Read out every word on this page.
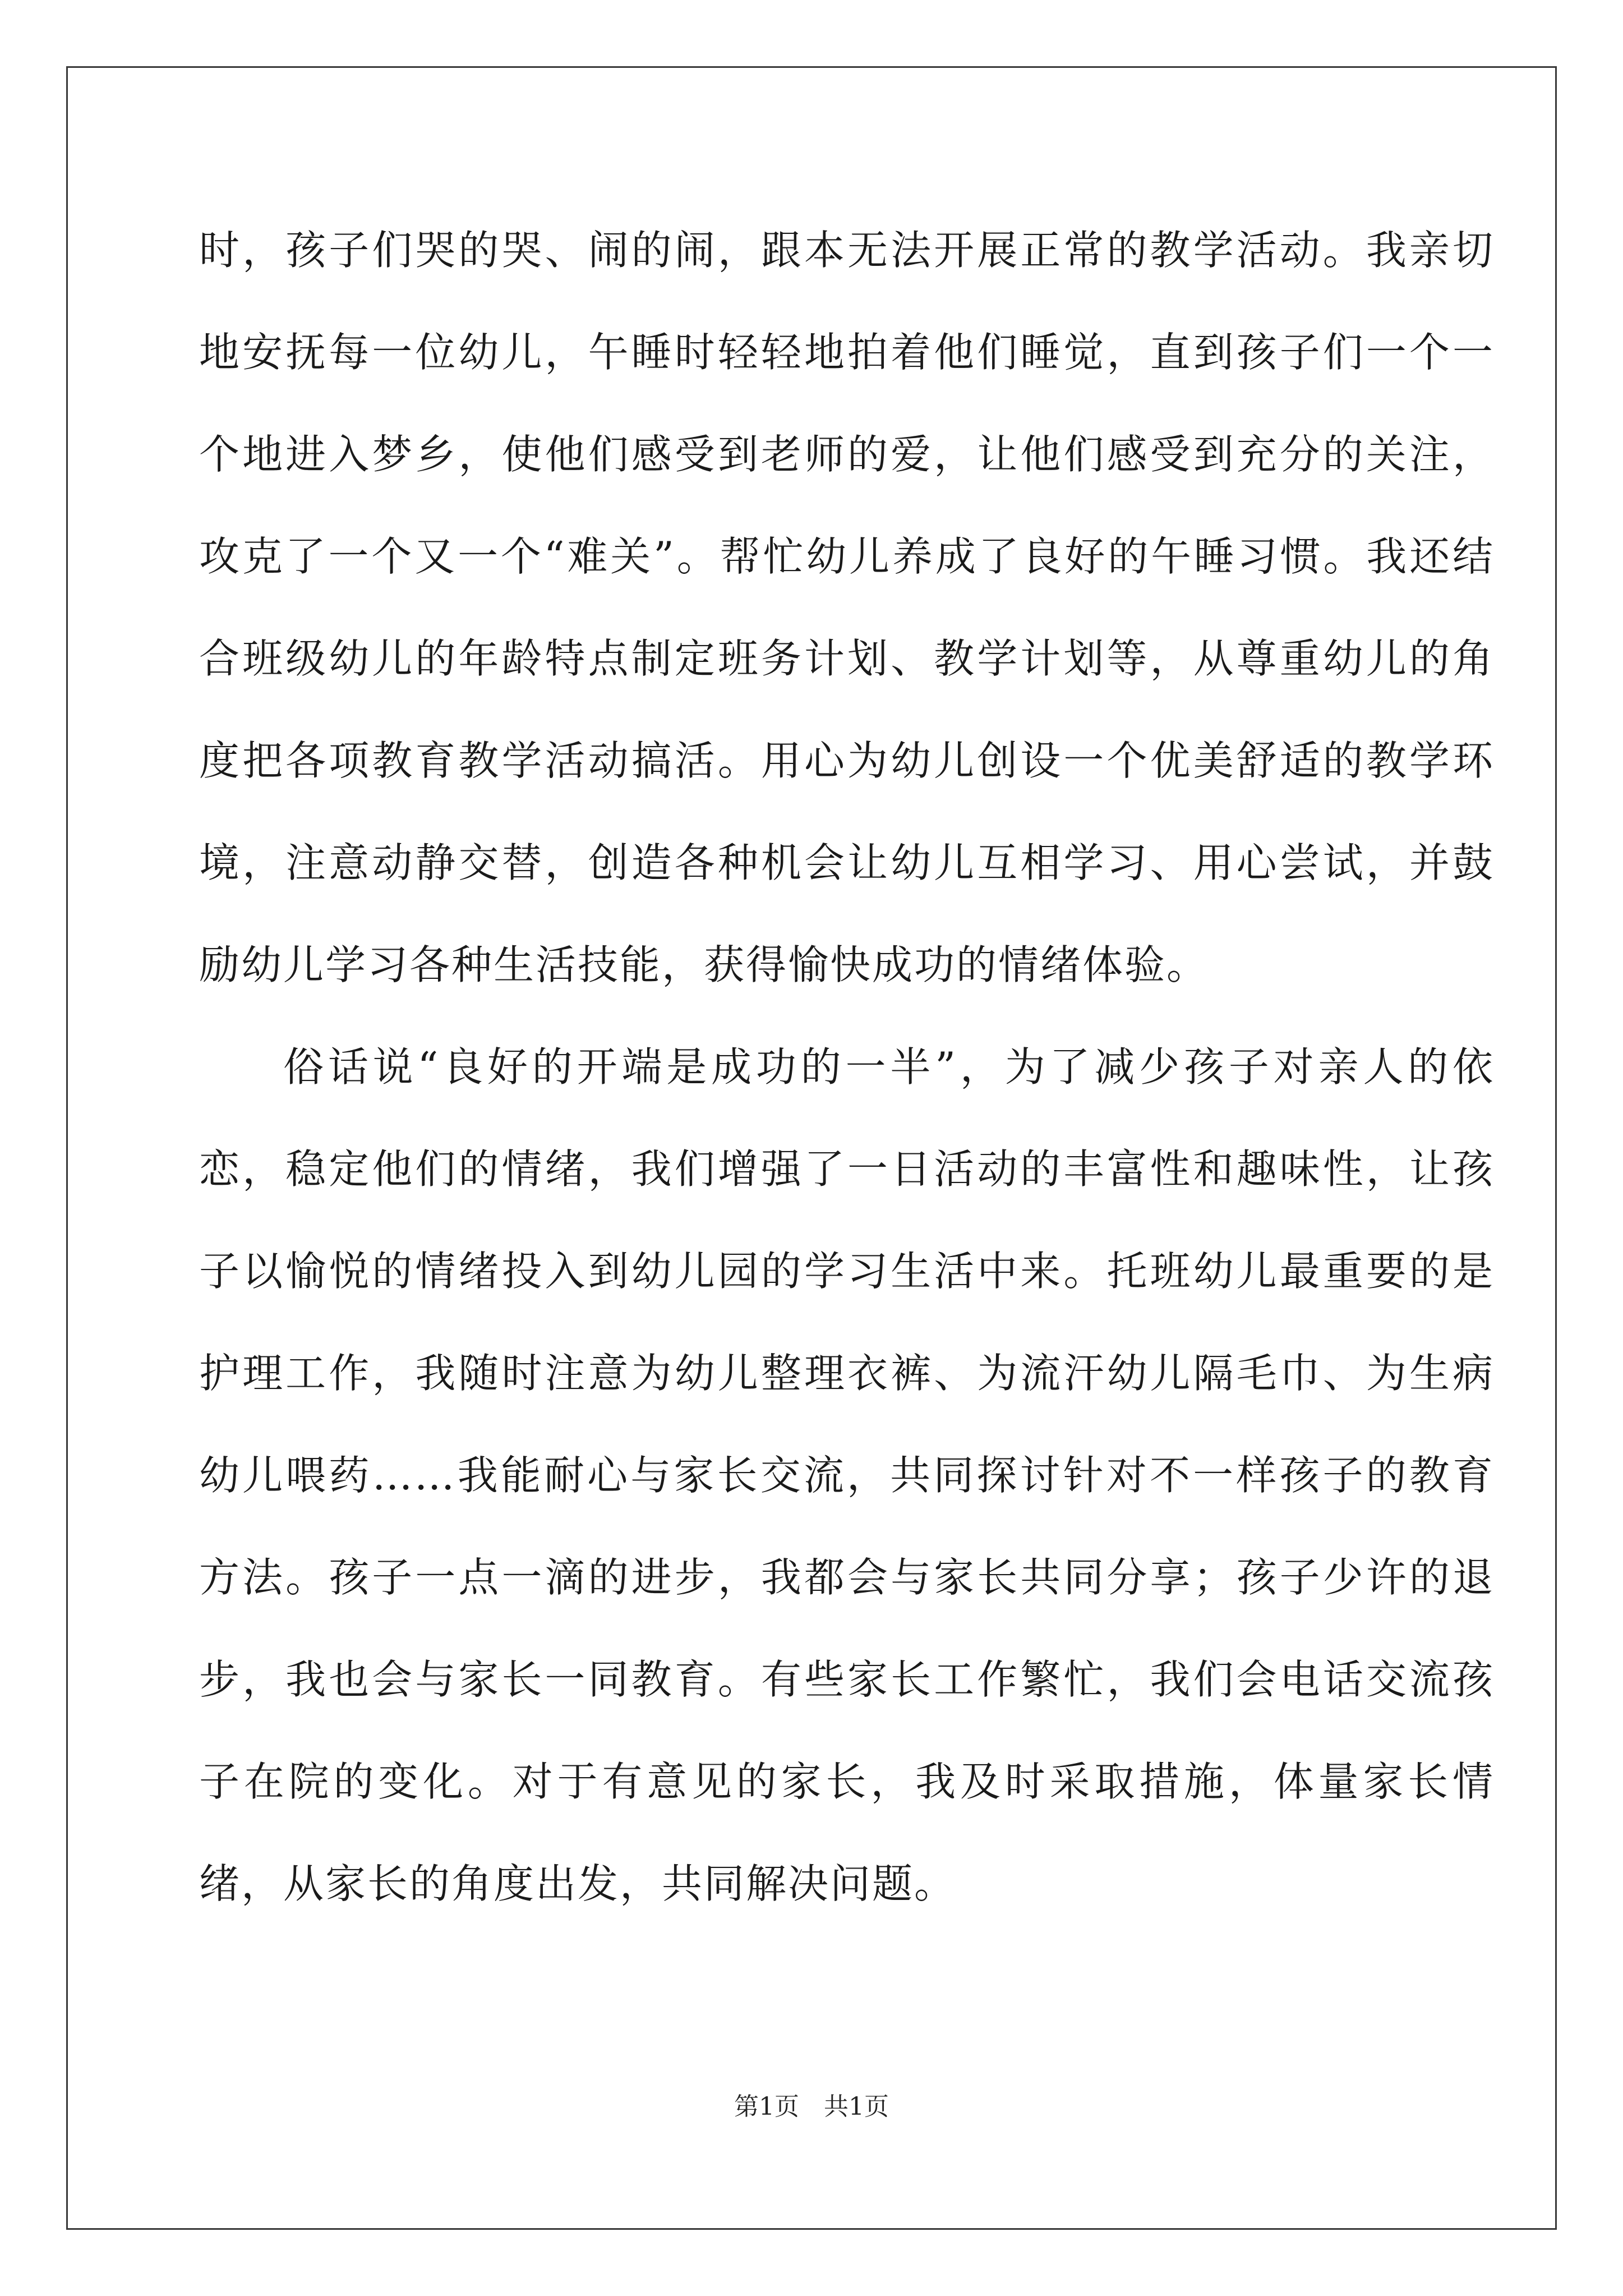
时，孩子们哭的哭、闹的闹，跟本无法开展正常的教学活动。我亲切地安抚每一位幼儿，午睡时轻轻地拍着他们睡觉，直到孩子们一个一个地进入梦乡，使他们感受到老师的爱，让他们感受到充分的关注，攻克了一个又一个“难关”。帮忙幼儿养成了良好的午睡习惯。我还结合班级幼儿的年龄特点制定班务计划、教学计划等，从尊重幼儿的角度把各项教育教学活动搞活。用心为幼儿创设一个优美舒适的教学环境，注意动静交替，创造各种机会让幼儿互相学习、用心尝试，并鼓励幼儿学习各种生活技能，获得愉快成功的情绪体验。

俗话说“良好的开端是成功的一半”，为了减少孩子对亲人的依恋，稳定他们的情绪，我们增强了一日活动的丰富性和趣味性，让孩子以愉悦的情绪投入到幼儿园的学习生活中来。托班幼儿最重要的是护理工作，我随时注意为幼儿整理衣裤、为流汗幼儿隔毛巾、为生病幼儿喂药……我能耐心与家长交流，共同探讨针对不一样孩子的教育方法。孩子一点一滴的进步，我都会与家长共同分享；孩子少许的退步，我也会与家长一同教育。有些家长工作繁忙，我们会电话交流孩子在院的变化。对于有意见的家长，我及时采取措施，体量家长情绪，从家长的角度出发，共同解决问题。

第1页　共1页
